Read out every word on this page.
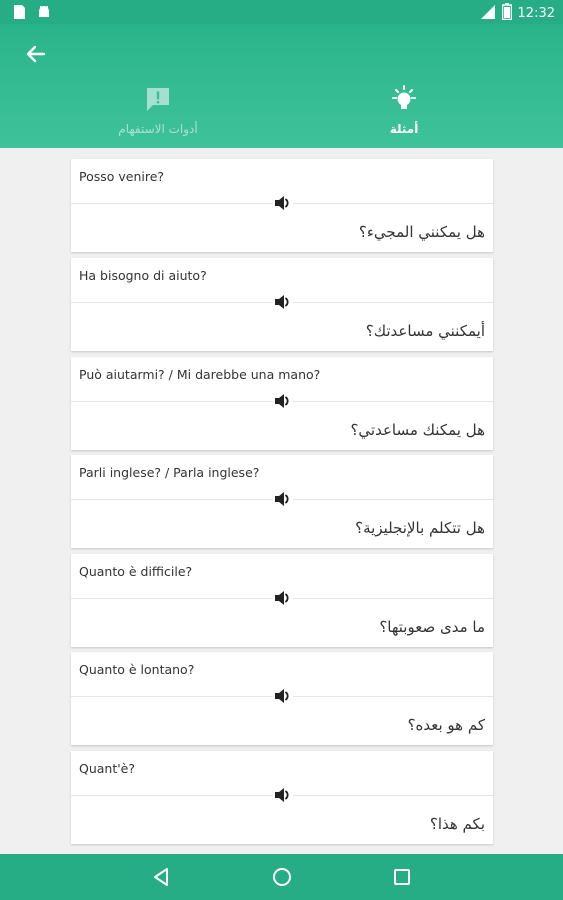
12:32
أدوات الاستفهام	أمثلة
Posso venire?
هل يمكنني المجيء؟
Ha bisogno di aiuto?
أيمكنني مساعدتك؟
Può aiutarmi? / Mi darebbe una mano?
هل يمكنك مساعدتي؟
Parli inglese? / Parla inglese?
هل تتكلم بالإنجليزية؟
Quanto è difficile?
ما مدى صعوبتها؟
Quanto è lontano?
كم هو بعده؟
Quant'è?
بكم هذا؟
